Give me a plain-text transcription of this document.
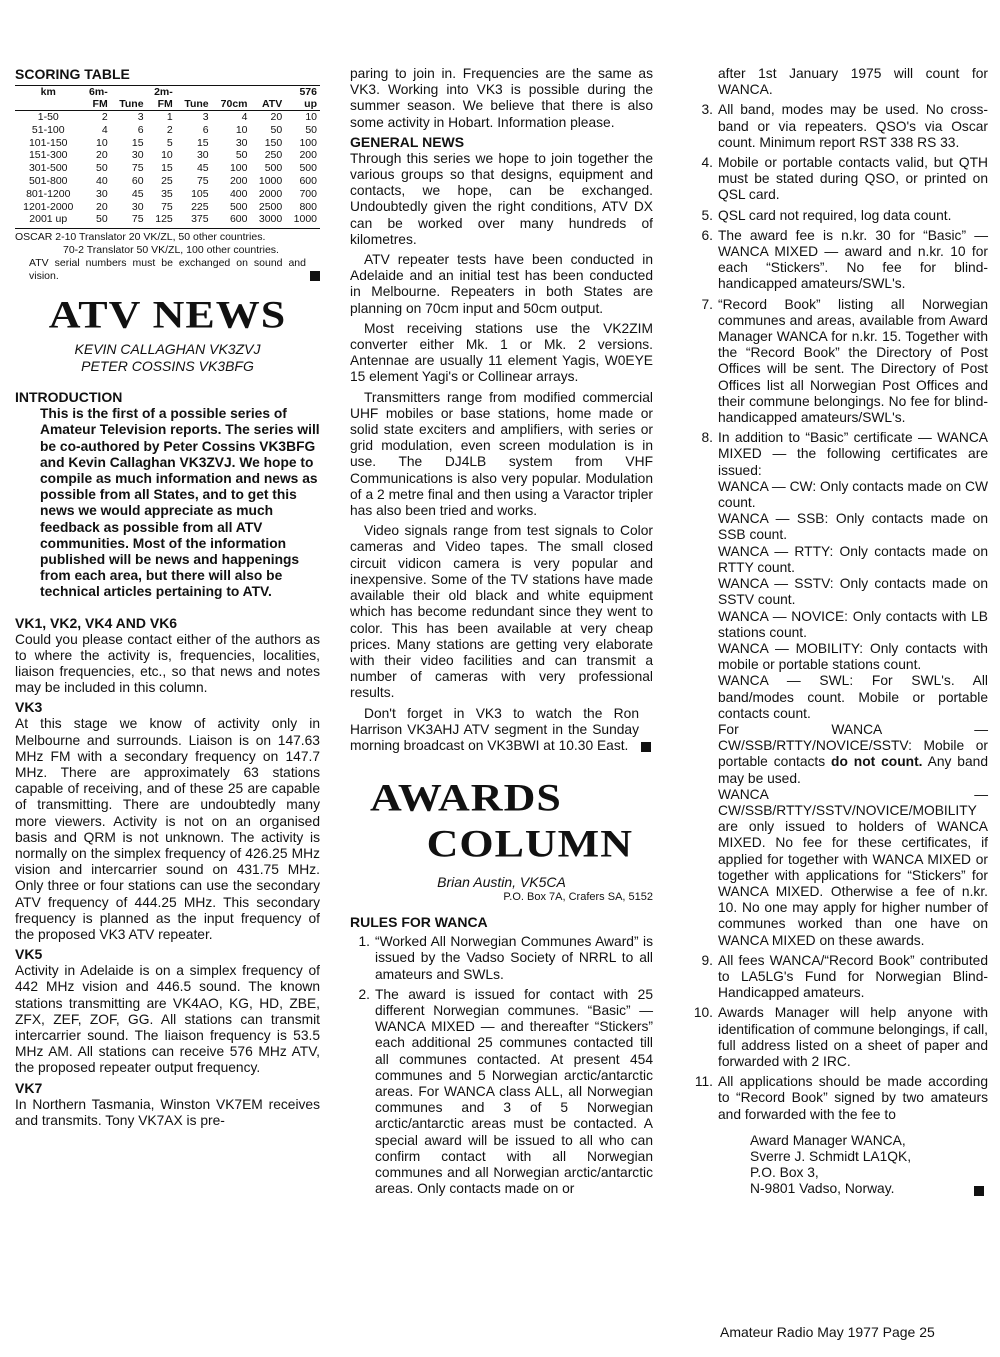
SCORING TABLE
km	6m-		2m-				576
	FM	Tune	FM	Tune	70cm	ATV	up
1-50	2	3	1	3	4	20	10
51-100	4	6	2	6	10	50	50
101-150	10	15	5	15	30	150	100
151-300	20	30	10	30	50	250	200
301-500	50	75	15	45	100	500	500
501-800	40	60	25	75	200	1000	600
801-1200	30	45	35	105	400	2000	700
1201-2000	20	30	75	225	500	2500	800
2001 up	50	75	125	375	600	3000	1000

OSCAR 2-10 Translator 20 VK/ZL, 50 other countries.

70-2 Translator 50 VK/ZL, 100 other countries.

ATV serial numbers must be exchanged on sound and vision.

ATV NEWS

KEVIN CALLAGHAN VK3ZVJ

PETER COSSINS VK3BFG

INTRODUCTION

This is the first of a possible series of Amateur Television reports. The series will be co-authored by Peter Cossins VK3BFG and Kevin Callaghan VK3ZVJ. We hope to compile as much information and news as possible from all States, and to get this news we would appreciate as much feedback as possible from all ATV communities. Most of the information published will be news and happenings from each area, but there will also be technical articles pertaining to ATV.

VK1, VK2, VK4 AND VK6

Could you please contact either of the authors as to where the activity is, frequencies, localities, liaison frequencies, etc., so that news and notes may be included in this column.

VK3

At this stage we know of activity only in Melbourne and surrounds. Liaison is on 147.63 MHz FM with a secondary frequency on 147.7 MHz. There are approximately 63 stations capable of receiving, and of these 25 are capable of transmitting. There are undoubtedly many more viewers. Activity is not on an organised basis and QRM is not unknown. The activity is normally on the simplex frequency of 426.25 MHz vision and intercarrier sound on 431.75 MHz. Only three or four stations can use the secondary ATV frequency of 444.25 MHz. This secondary frequency is planned as the input frequency of the proposed VK3 ATV repeater.

VK5

Activity in Adelaide is on a simplex frequency of 442 MHz vision and 446.5 sound. The known stations transmitting are VK4AO, KG, HD, ZBE, ZFX, ZEF, ZOF, GG. All stations can transmit intercarrier sound. The liaison frequency is 53.5 MHz AM. All stations can receive 576 MHz ATV, the proposed repeater output frequency.

VK7

In Northern Tasmania, Winston VK7EM receives and transmits. Tony VK7AX is pre-

paring to join in. Frequencies are the same as VK3. Working into VK3 is possible during the summer season. We believe that there is also some activity in Hobart. Information please.

GENERAL NEWS

Through this series we hope to join together the various groups so that designs, equipment and contacts, we hope, can be exchanged. Undoubtedly given the right conditions, ATV DX can be worked over many hundreds of kilometres.

ATV repeater tests have been conducted in Adelaide and an initial test has been conducted in Melbourne. Repeaters in both States are planning on 70cm input and 50cm output.

Most receiving stations use the VK2ZIM converter either Mk. 1 or Mk. 2 versions. Antennae are usually 11 element Yagis, W0EYE 15 element Yagi's or Collinear arrays.

Transmitters range from modified commercial UHF mobiles or base stations, home made or solid state exciters and amplifiers, with series or grid modulation, even screen modulation is in use. The DJ4LB system from VHF Communications is also very popular. Modulation of a 2 metre final and then using a Varactor tripler has also been tried and works.

Video signals range from test signals to Color cameras and Video tapes. The small closed circuit vidicon camera is very popular and inexpensive. Some of the TV stations have made available their old black and white equipment which has become redundant since they went to color. This has been available at very cheap prices. Many stations are getting very elaborate with their video facilities and can transmit a number of cameras with very professional results.

Don't forget in VK3 to watch the Ron Harrison VK3AHJ ATV segment in the Sunday morning broadcast on VK3BWI at 10.30 East.

AWARDS
COLUMN

Brian Austin, VK5CA

P.O. Box 7A, Crafers SA, 5152

RULES FOR WANCA
1. “Worked All Norwegian Communes Award” is issued by the Vadso Society of NRRL to all amateurs and SWLs.
2. The award is issued for contact with 25 different Norwegian communes. “Basic” — WANCA MIXED — and thereafter “Stickers” each additional 25 communes contacted till all communes contacted. At present 454 communes and 5 Norwegian arctic/antarctic areas. For WANCA class ALL, all Norwegian communes and 3 of 5 Norwegian arctic/antarctic areas must be contacted. A special award will be issued to all who can confirm contact with all Norwegian communes and all Norwegian arctic/antarctic areas. Only contacts made on or

after 1st January 1975 will count for WANCA.

3. All band, modes may be used. No cross-band or via repeaters. QSO's via Oscar count. Minimum report RST 338 RS 33.
4. Mobile or portable contacts valid, but QTH must be stated during QSO, or printed on QSL card.
5. QSL card not required, log data count.
6. The award fee is n.kr. 30 for “Basic” — WANCA MIXED — award and n.kr. 10 for each “Stickers”. No fee for blind-handicapped amateurs/SWL's.
7. “Record Book” listing all Norwegian communes and areas, available from Award Manager WANCA for n.kr. 15. Together with the “Record Book” the Directory of Post Offices will be sent. The Directory of Post Offices list all Norwegian Post Offices and their commune belongings. No fee for blind-handicapped amateurs/SWL's.
8. In addition to “Basic” certificate — WANCA MIXED — the following certificates are issued:
WANCA — CW: Only contacts made on CW count.
WANCA — SSB: Only contacts made on SSB count.
WANCA — RTTY: Only contacts made on RTTY count.
WANCA — SSTV: Only contacts made on SSTV count.
WANCA — NOVICE: Only contacts with LB stations count.
WANCA — MOBILITY: Only contacts with mobile or portable stations count.
WANCA — SWL: For SWL's. All band/modes count. Mobile or portable contacts count.
For WANCA — CW/SSB/RTTY/NOVICE/SSTV: Mobile or portable contacts do not count. Any band may be used.
WANCA — CW/SSB/RTTY/SSTV/NOVICE/MOBILITY are only issued to holders of WANCA MIXED. No fee for these certificates, if applied for together with WANCA MIXED or together with applications for “Stickers” for WANCA MIXED. Otherwise a fee of n.kr. 10. No one may apply for higher number of communes worked than one have on WANCA MIXED on these awards.
9. All fees WANCA/“Record Book” contributed to LA5LG's Fund for Norwegian Blind-Handicapped amateurs.
10. Awards Manager will help anyone with identification of commune belongings, if call, full address listed on a sheet of paper and forwarded with 2 IRC.
11. All applications should be made according to “Record Book” signed by two amateurs and forwarded with the fee to

Award Manager WANCA,

Sverre J. Schmidt LA1QK,

P.O. Box 3,

N-9801 Vadso, Norway.

Amateur Radio May 1977 Page 25
